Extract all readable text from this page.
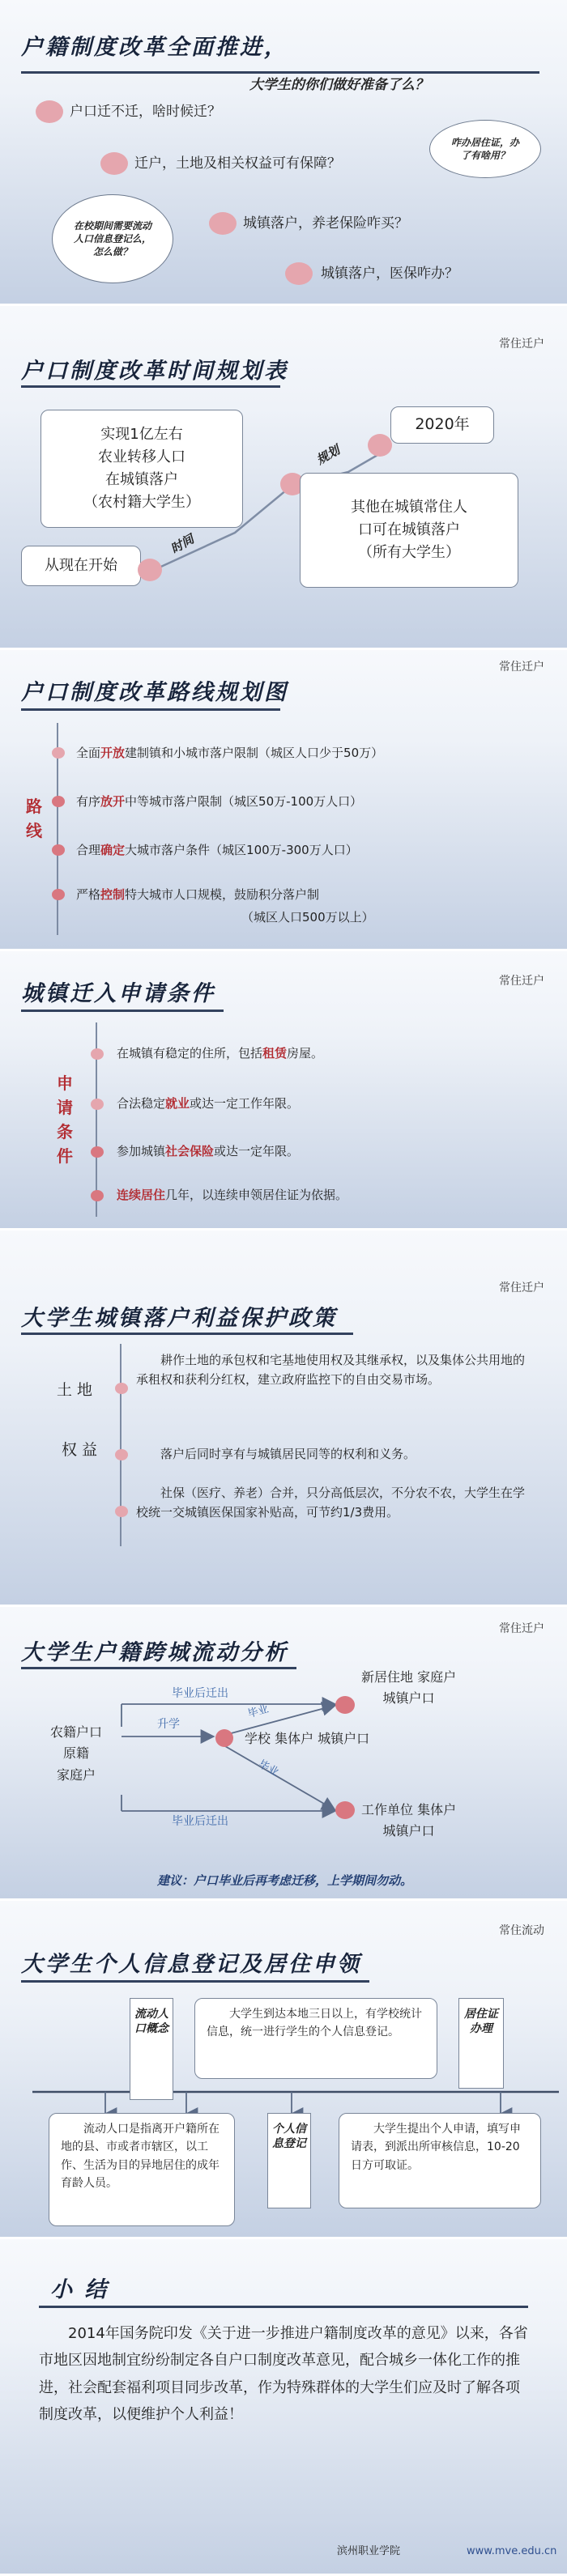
户籍制度改革全面推进，
大学生的你们做好准备了么？
户口迁不迁，啥时候迁？
迁户，土地及相关权益可有保障？
城镇落户，养老保险咋买？
城镇落户，医保咋办？
在校期间需要流动人口信息登记么，怎么做？
咋办居住证，办了有啥用？
户口制度改革时间规划表
常住迁户
从现在开始
时间
实现1亿左右
农业转移人口
在城镇落户
（农村籍大学生）
规划
2020年
其他在城镇常住人
口可在城镇落户
（所有大学生）
户口制度改革路线规划图
常住迁户

路
线

全面开放建制镇和小城市落户限制（城区人口少于50万）
有序放开中等城市落户限制（城区50万-100万人口）
合理确定大城市落户条件（城区100万-300万人口）
严格控制特大城市人口规模，鼓励积分落户制
（城区人口500万以上）
城镇迁入申请条件	常住迁户

申
请
条
件

在城镇有稳定的住所，包括租赁房屋。
合法稳定就业或达一定工作年限。
参加城镇社会保险或达一定年限。
连续居住几年，以连续申领居住证为依据。
大学生城镇落户利益保护政策
常住迁户
土 地
权 益
耕作土地的承包权和宅基地使用权及其继承权，以及集体公共用地的承租权和获利分红权，建立政府监控下的自由交易市场。
落户后同时享有与城镇居民同等的权利和义务。
社保（医疗、养老）合并，只分高低层次，不分农不农，大学生在学校统一交城镇医保国家补贴高，可节约1/3费用。
大学生户籍跨城流动分析
常住迁户
农籍户口
原籍
家庭户
毕业后迁出
升学
毕业后迁出
毕业
毕业
学校 集体户 城镇户口
新居住地 家庭户
城镇户口
工作单位 集体户
城镇户口
建议：户口毕业后再考虑迁移，上学期间勿动。
大学生个人信息登记及居住申领
常住流动
流动人口概念
大学生到达本地三日以上，有学校统计信息，统一进行学生的个人信息登记。
居住证办理
流动人口是指离开户籍所在地的县、市或者市辖区，以工作、生活为目的异地居住的成年育龄人员。
个人信息登记
大学生提出个人申请，填写申请表，到派出所审核信息，10-20日方可取证。
小 结
2014年国务院印发《关于进一步推进户籍制度改革的意见》以来，各省市地区因地制宜纷纷制定各自户口制度改革意见，配合城乡一体化工作的推进，社会配套福利项目同步改革，作为特殊群体的大学生们应及时了解各项制度改革，以便维护个人利益！
滨州职业学院	www.mve.edu.cn
